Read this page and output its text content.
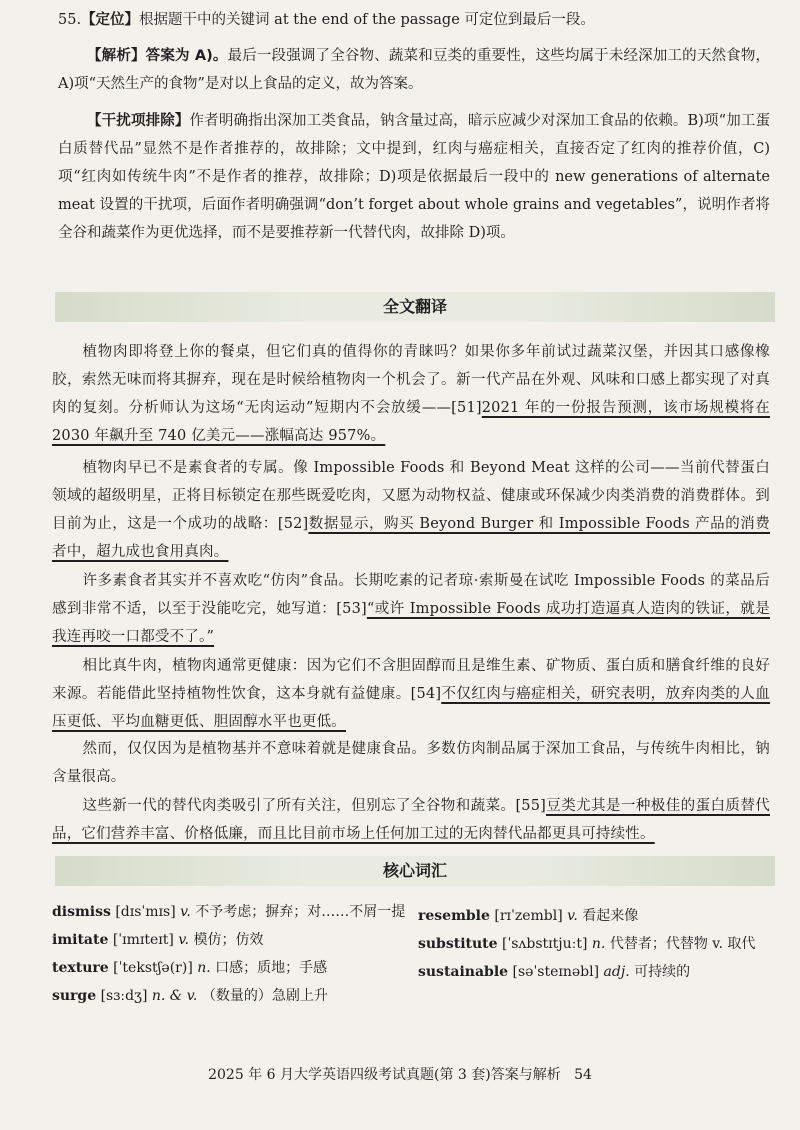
55.【定位】根据题干中的关键词 at the end of the passage 可定位到最后一段。

【解析】答案为 A)。最后一段强调了全谷物、蔬菜和豆类的重要性，这些均属于未经深加工的天然食物，A)项“天然生产的食物”是对以上食品的定义，故为答案。

【干扰项排除】作者明确指出深加工类食品，钠含量过高，暗示应减少对深加工食品的依赖。B)项“加工蛋白质替代品”显然不是作者推荐的，故排除；文中提到，红肉与癌症相关，直接否定了红肉的推荐价值，C)项“红肉如传统牛肉”不是作者的推荐，故排除；D)项是依据最后一段中的 new generations of alternate meat 设置的干扰项，后面作者明确强调“don’t forget about whole grains and vegetables”，说明作者将全谷和蔬菜作为更优选择，而不是要推荐新一代替代肉，故排除 D)项。

全文翻译

植物肉即将登上你的餐桌，但它们真的值得你的青睐吗？如果你多年前试过蔬菜汉堡，并因其口感像橡胶，索然无味而将其摒弃，现在是时候给植物肉一个机会了。新一代产品在外观、风味和口感上都实现了对真肉的复刻。分析师认为这场“无肉运动”短期内不会放缓——[51]2021 年的一份报告预测，该市场规模将在 2030 年飙升至 740 亿美元——涨幅高达 957%。

植物肉早已不是素食者的专属。像 Impossible Foods 和 Beyond Meat 这样的公司——当前代替蛋白领域的超级明星，正将目标锁定在那些既爱吃肉，又愿为动物权益、健康或环保减少肉类消费的消费群体。到目前为止，这是一个成功的战略：[52]数据显示，购买 Beyond Burger 和 Impossible Foods 产品的消费者中，超九成也食用真肉。

许多素食者其实并不喜欢吃“仿肉”食品。长期吃素的记者琼·索斯曼在试吃 Impossible Foods 的菜品后感到非常不适，以至于没能吃完，她写道：[53]“或许 Impossible Foods 成功打造逼真人造肉的铁证，就是我连再咬一口都受不了。”

相比真牛肉，植物肉通常更健康：因为它们不含胆固醇而且是维生素、矿物质、蛋白质和膳食纤维的良好来源。若能借此坚持植物性饮食，这本身就有益健康。[54]不仅红肉与癌症相关，研究表明，放弃肉类的人血压更低、平均血糖更低、胆固醇水平也更低。

然而，仅仅因为是植物基并不意味着就是健康食品。多数仿肉制品属于深加工食品，与传统牛肉相比，钠含量很高。

这些新一代的替代肉类吸引了所有关注，但别忘了全谷物和蔬菜。[55]豆类尤其是一种极佳的蛋白质替代品，它们营养丰富、价格低廉，而且比目前市场上任何加工过的无肉替代品都更具可持续性。

核心词汇
dismiss [dɪsˈmɪs] v. 不予考虑；摒弃；对……不屑一提
imitate [ˈɪmɪteɪt] v. 模仿；仿效
texture [ˈtekstʃə(r)] n. 口感；质地；手感
surge [sɜːdʒ] n. & v. （数量的）急剧上升
resemble [rɪˈzembl] v. 看起来像
substitute [ˈsʌbstɪtjuːt] n. 代替者；代替物 v. 取代
sustainable [səˈsteɪnəbl] adj. 可持续的
2025 年 6 月大学英语四级考试真题(第 3 套)答案与解析 54
